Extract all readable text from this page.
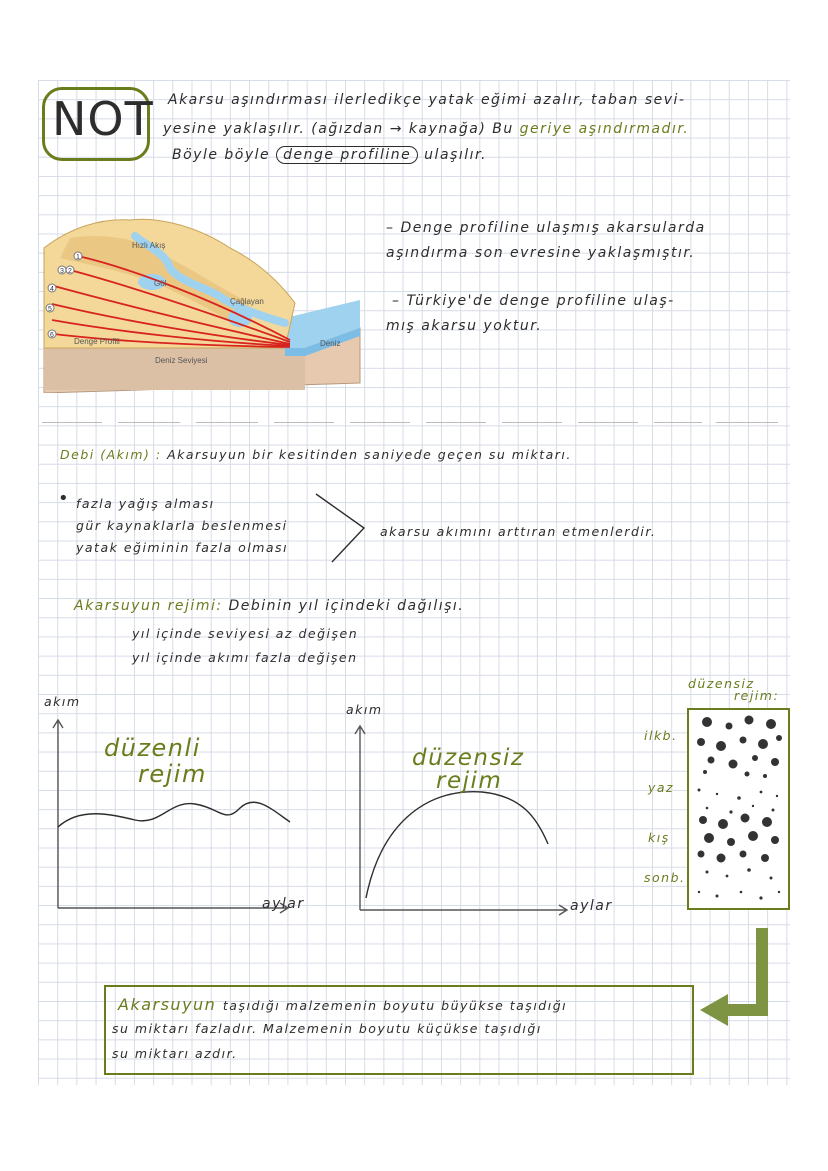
NOT Akarsu aşındırması ilerledikçe yatak eğimi azalır, taban sevi-
yesine yaklaşılır. (ağızdan → kaynağa) Bu geriye aşındırmadır.
Böyle böyle denge profiline ulaşılır.
1
2
3
4
5
6
Hızlı Akış
Göl
Çağlayan
Deniz
Denge Profili
Deniz Seviyesi
– Denge profiline ulaşmış akarsularda
aşındırma son evresine yaklaşmıştır.
– Türkiye'de denge profiline ulaş-
mış akarsu yoktur.
Debi (Akım) : Akarsuyun bir kesitinden saniyede geçen su miktarı.
• fazla yağış alması
gür kaynaklarla beslenmesi
yatak eğiminin fazla olması
akarsu akımını arttıran etmenlerdir.
Akarsuyun rejimi: Debinin yıl içindeki dağılışı.
yıl içinde seviyesi az değişen
yıl içinde akımı fazla değişen
akım
düzenli
rejim
aylar
akım
düzensiz
rejim
aylar
düzensiz
rejim:
ilkb.
yaz
kış
sonb.
Akarsuyun taşıdığı malzemenin boyutu büyükse taşıdığı
su miktarı fazladır. Malzemenin boyutu küçükse taşıdığı
su miktarı azdır.
